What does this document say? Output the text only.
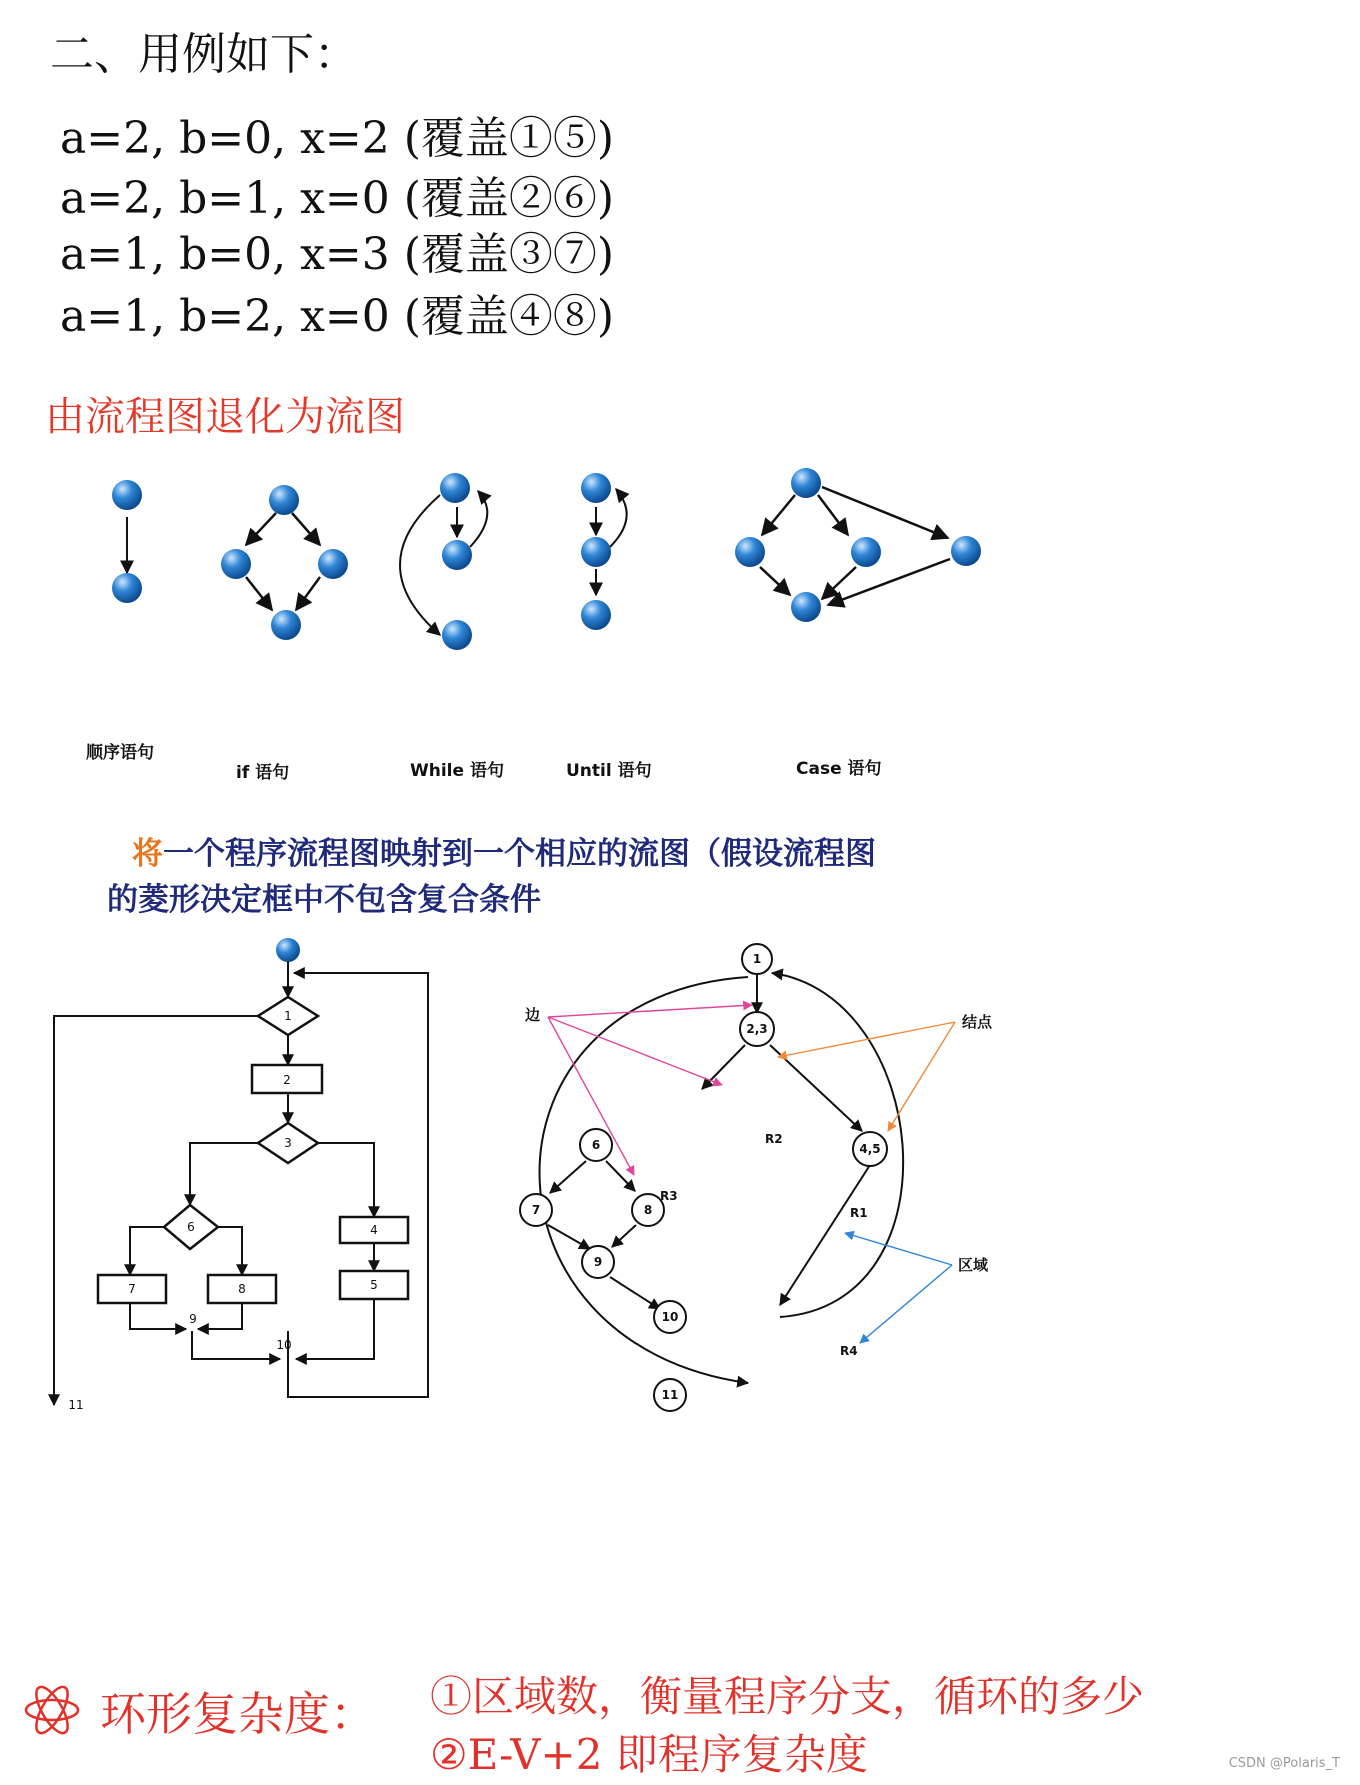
二、用例如下：
a=2, b=0, x=2 (覆盖①⑤)
a=2, b=1, x=0 (覆盖②⑥)
a=1, b=0, x=3 (覆盖③⑦)
a=1, b=2, x=0 (覆盖④⑧)
由流程图退化为流图
顺序语句
if 语句	While 语句	Until 语句	Case 语句
将一个程序流程图映射到一个相应的流图（假设流程图
的菱形决定框中不包含复合条件
1
2
3
6	4
7	8	5
9
10
11
1
2,3
6	4,5
7	8
9
10
11
R1
R2
R3
R4
边	结点
区域
环形复杂度： ①区域数，衡量程序分支，循环的多少
②E-V+2 即程序复杂度	CSDN @Polaris_T
